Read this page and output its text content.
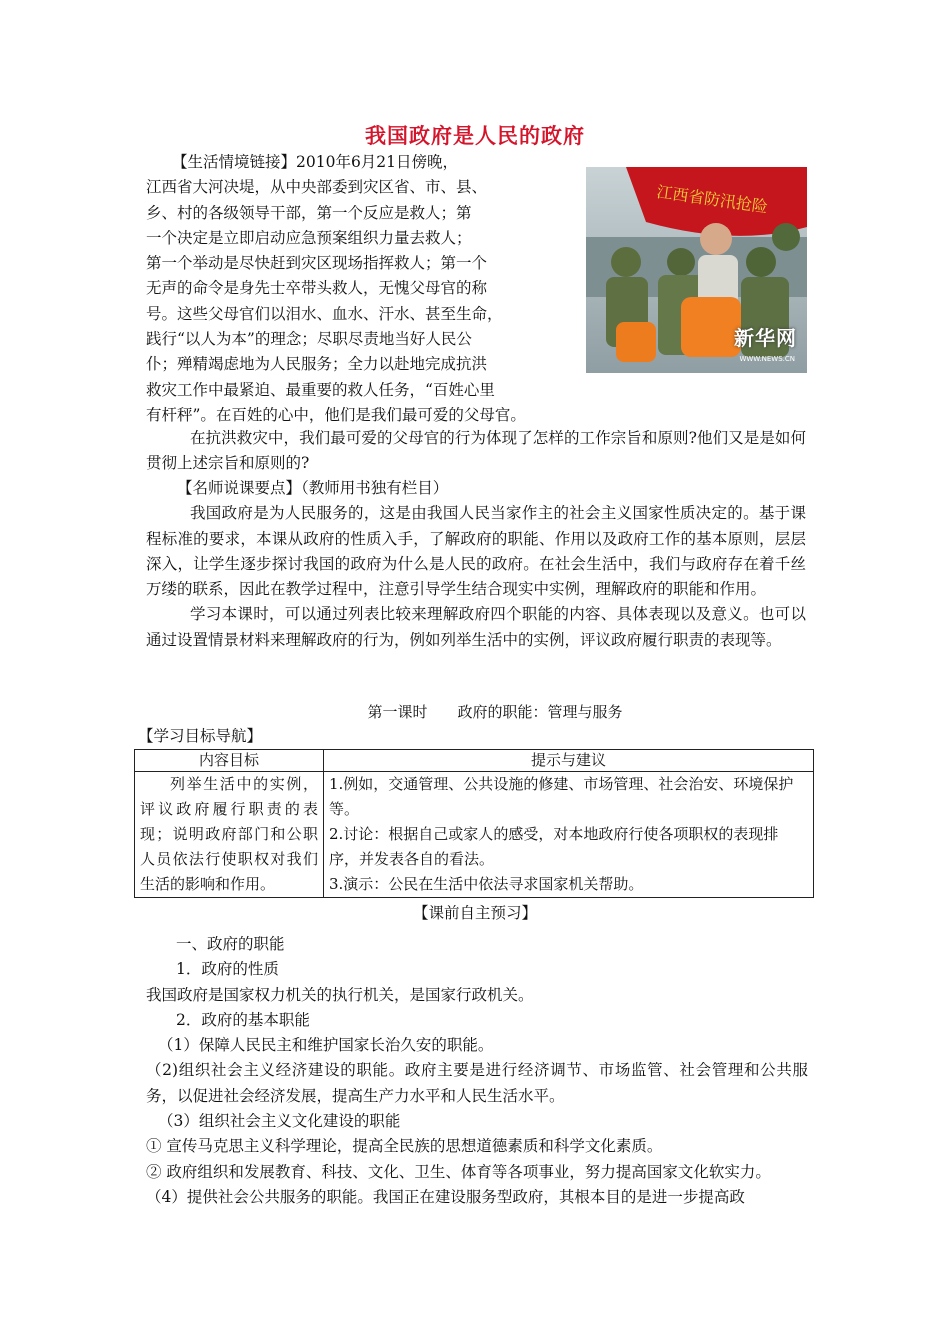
我国政府是人民的政府

【生活情境链接】2010年6月21日傍晚，

江西省大河决堤，从中央部委到灾区省、市、县、

乡、村的各级领导干部，第一个反应是救人；第

一个决定是立即启动应急预案组织力量去救人；

第一个举动是尽快赶到灾区现场指挥救人；第一个

无声的命令是身先士卒带头救人，无愧父母官的称

号。这些父母官们以泪水、血水、汗水、甚至生命，

践行“以人为本”的理念；尽职尽责地当好人民公

仆；殚精竭虑地为人民服务；全力以赴地完成抗洪

救灾工作中最紧迫、最重要的救人任务，“百姓心里

有杆秤”。在百姓的心中，他们是我们最可爱的父母官。

江西省防汛抢险
新华网
WWW.NEWS.CN

在抗洪救灾中，我们最可爱的父母官的行为体现了怎样的工作宗旨和原则?他们又是是如何贯彻上述宗旨和原则的?

【名师说课要点】（教师用书独有栏目）

我国政府是为人民服务的，这是由我国人民当家作主的社会主义国家性质决定的。基于课程标准的要求，本课从政府的性质入手，了解政府的职能、作用以及政府工作的基本原则，层层深入，让学生逐步探讨我国的政府为什么是人民的政府。在社会生活中，我们与政府存在着千丝万缕的联系，因此在教学过程中，注意引导学生结合现实中实例，理解政府的职能和作用。

学习本课时，可以通过列表比较来理解政府四个职能的内容、具体表现以及意义。也可以通过设置情景材料来理解政府的行为，例如列举生活中的实例，评议政府履行职责的表现等。

第一课时　　政府的职能：管理与服务
【学习目标导航】
内容目标	提示与建议

列举生活中的实例，评议政府履行职责的表现；说明政府部门和公职人员依法行使职权对我们生活的影响和作用。	1.例如，交通管理、公共设施的修建、市场管理、社会治安、环境保护等。

2.讨论：根据自己或家人的感受，对本地政府行使各项职权的表现排序，并发表各自的看法。

3.演示：公民在生活中依法寻求国家机关帮助。

【课前自主预习】

一、政府的职能

1．政府的性质

我国政府是国家权力机关的执行机关，是国家行政机关。

2．政府的基本职能

（1）保障人民民主和维护国家长治久安的职能。

（2)组织社会主义经济建设的职能。政府主要是进行经济调节、市场监管、社会管理和公共服务，以促进社会经济发展，提高生产力水平和人民生活水平。

（3）组织社会主义文化建设的职能

① 宣传马克思主义科学理论，提高全民族的思想道德素质和科学文化素质。

② 政府组织和发展教育、科技、文化、卫生、体育等各项事业，努力提高国家文化软实力。

（4）提供社会公共服务的职能。我国正在建设服务型政府，其根本目的是进一步提高政
